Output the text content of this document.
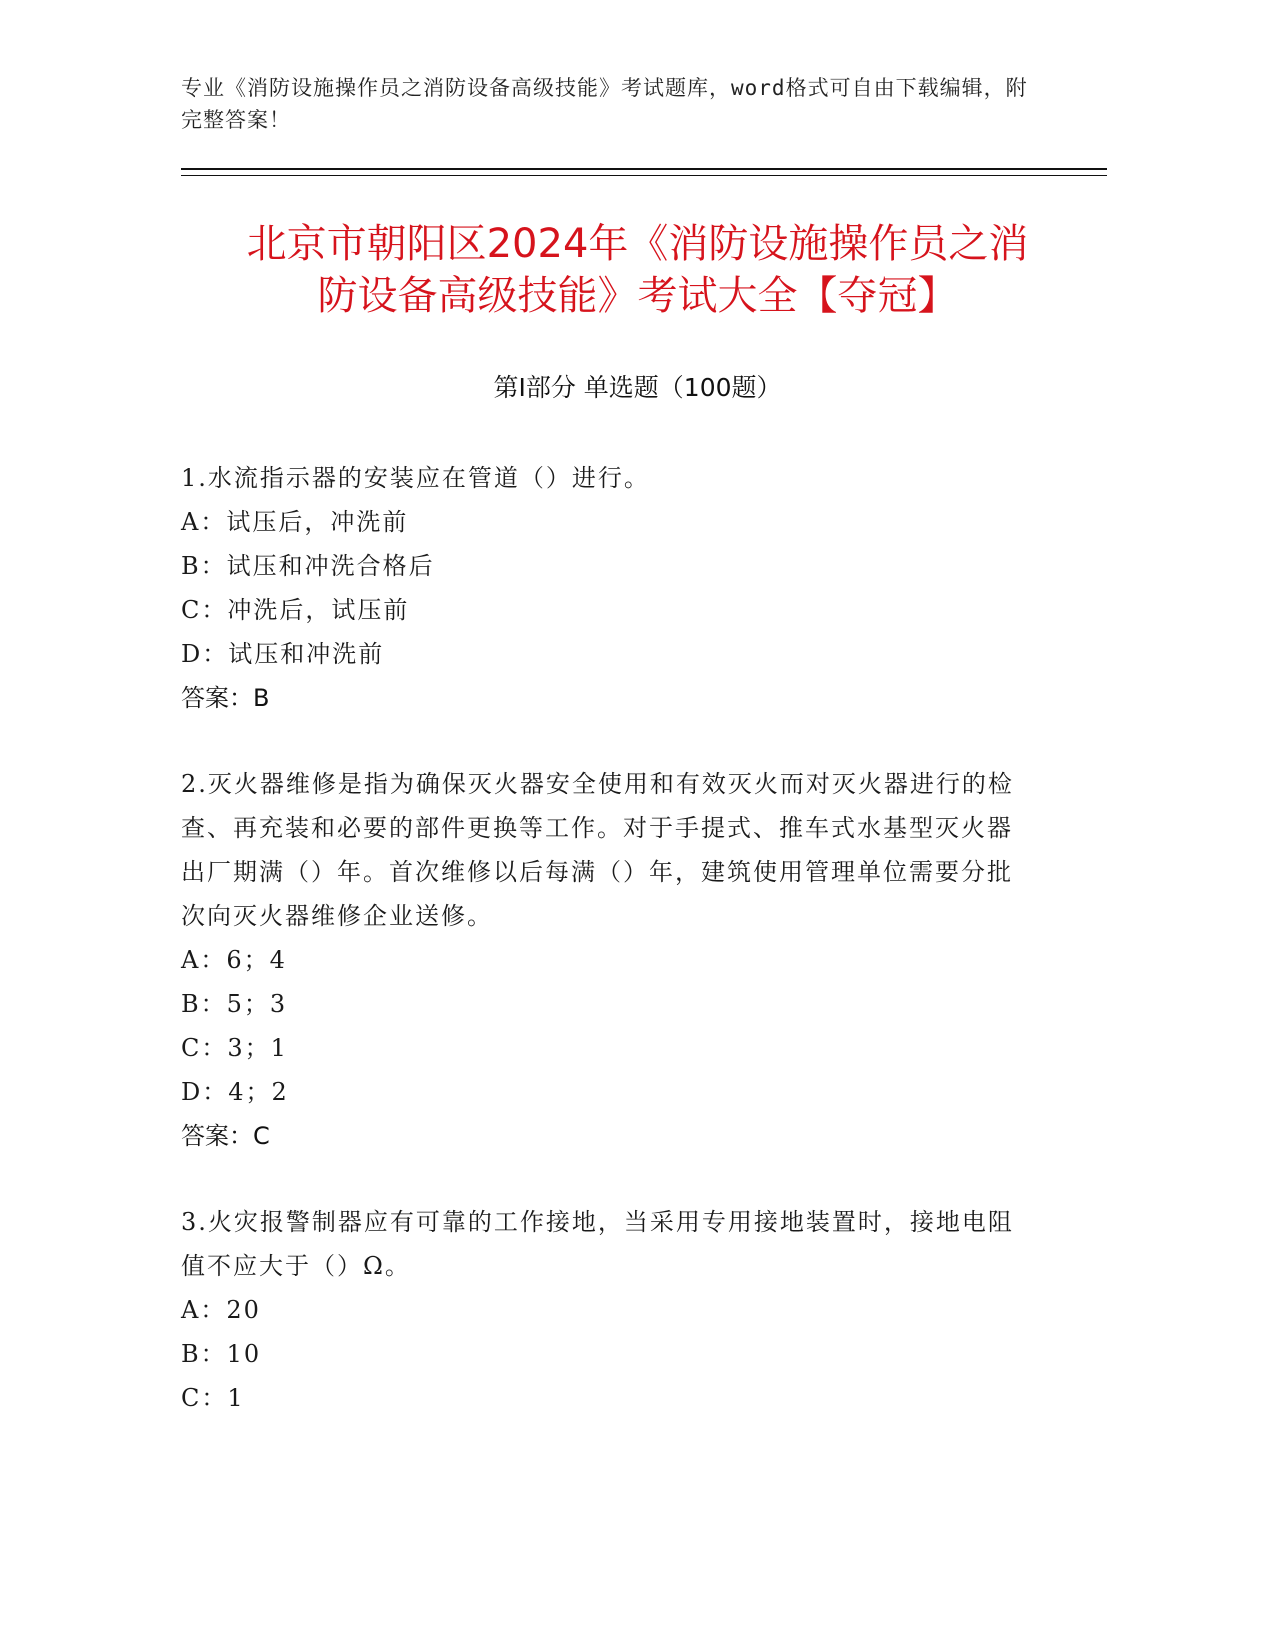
专业《消防设施操作员之消防设备高级技能》考试题库，word格式可自由下载编辑，附完整答案！
北京市朝阳区2024年《消防设施操作员之消
防设备高级技能》考试大全【夺冠】
第Ⅰ部分 单选题（100题）

1.水流指示器的安装应在管道（）进行。

A：试压后，冲洗前

B：试压和冲洗合格后

C：冲洗后，试压前

D：试压和冲洗前

答案：B

2.灭火器维修是指为确保灭火器安全使用和有效灭火而对灭火器进行的检查、再充装和必要的部件更换等工作。对于手提式、推车式水基型灭火器出厂期满（）年。首次维修以后每满（）年，建筑使用管理单位需要分批次向灭火器维修企业送修。

A：6；4

B：5；3

C：3；1

D：4；2

答案：C

3.火灾报警制器应有可靠的工作接地，当采用专用接地装置时，接地电阻值不应大于（）Ω。

A：20

B：10

C：1
